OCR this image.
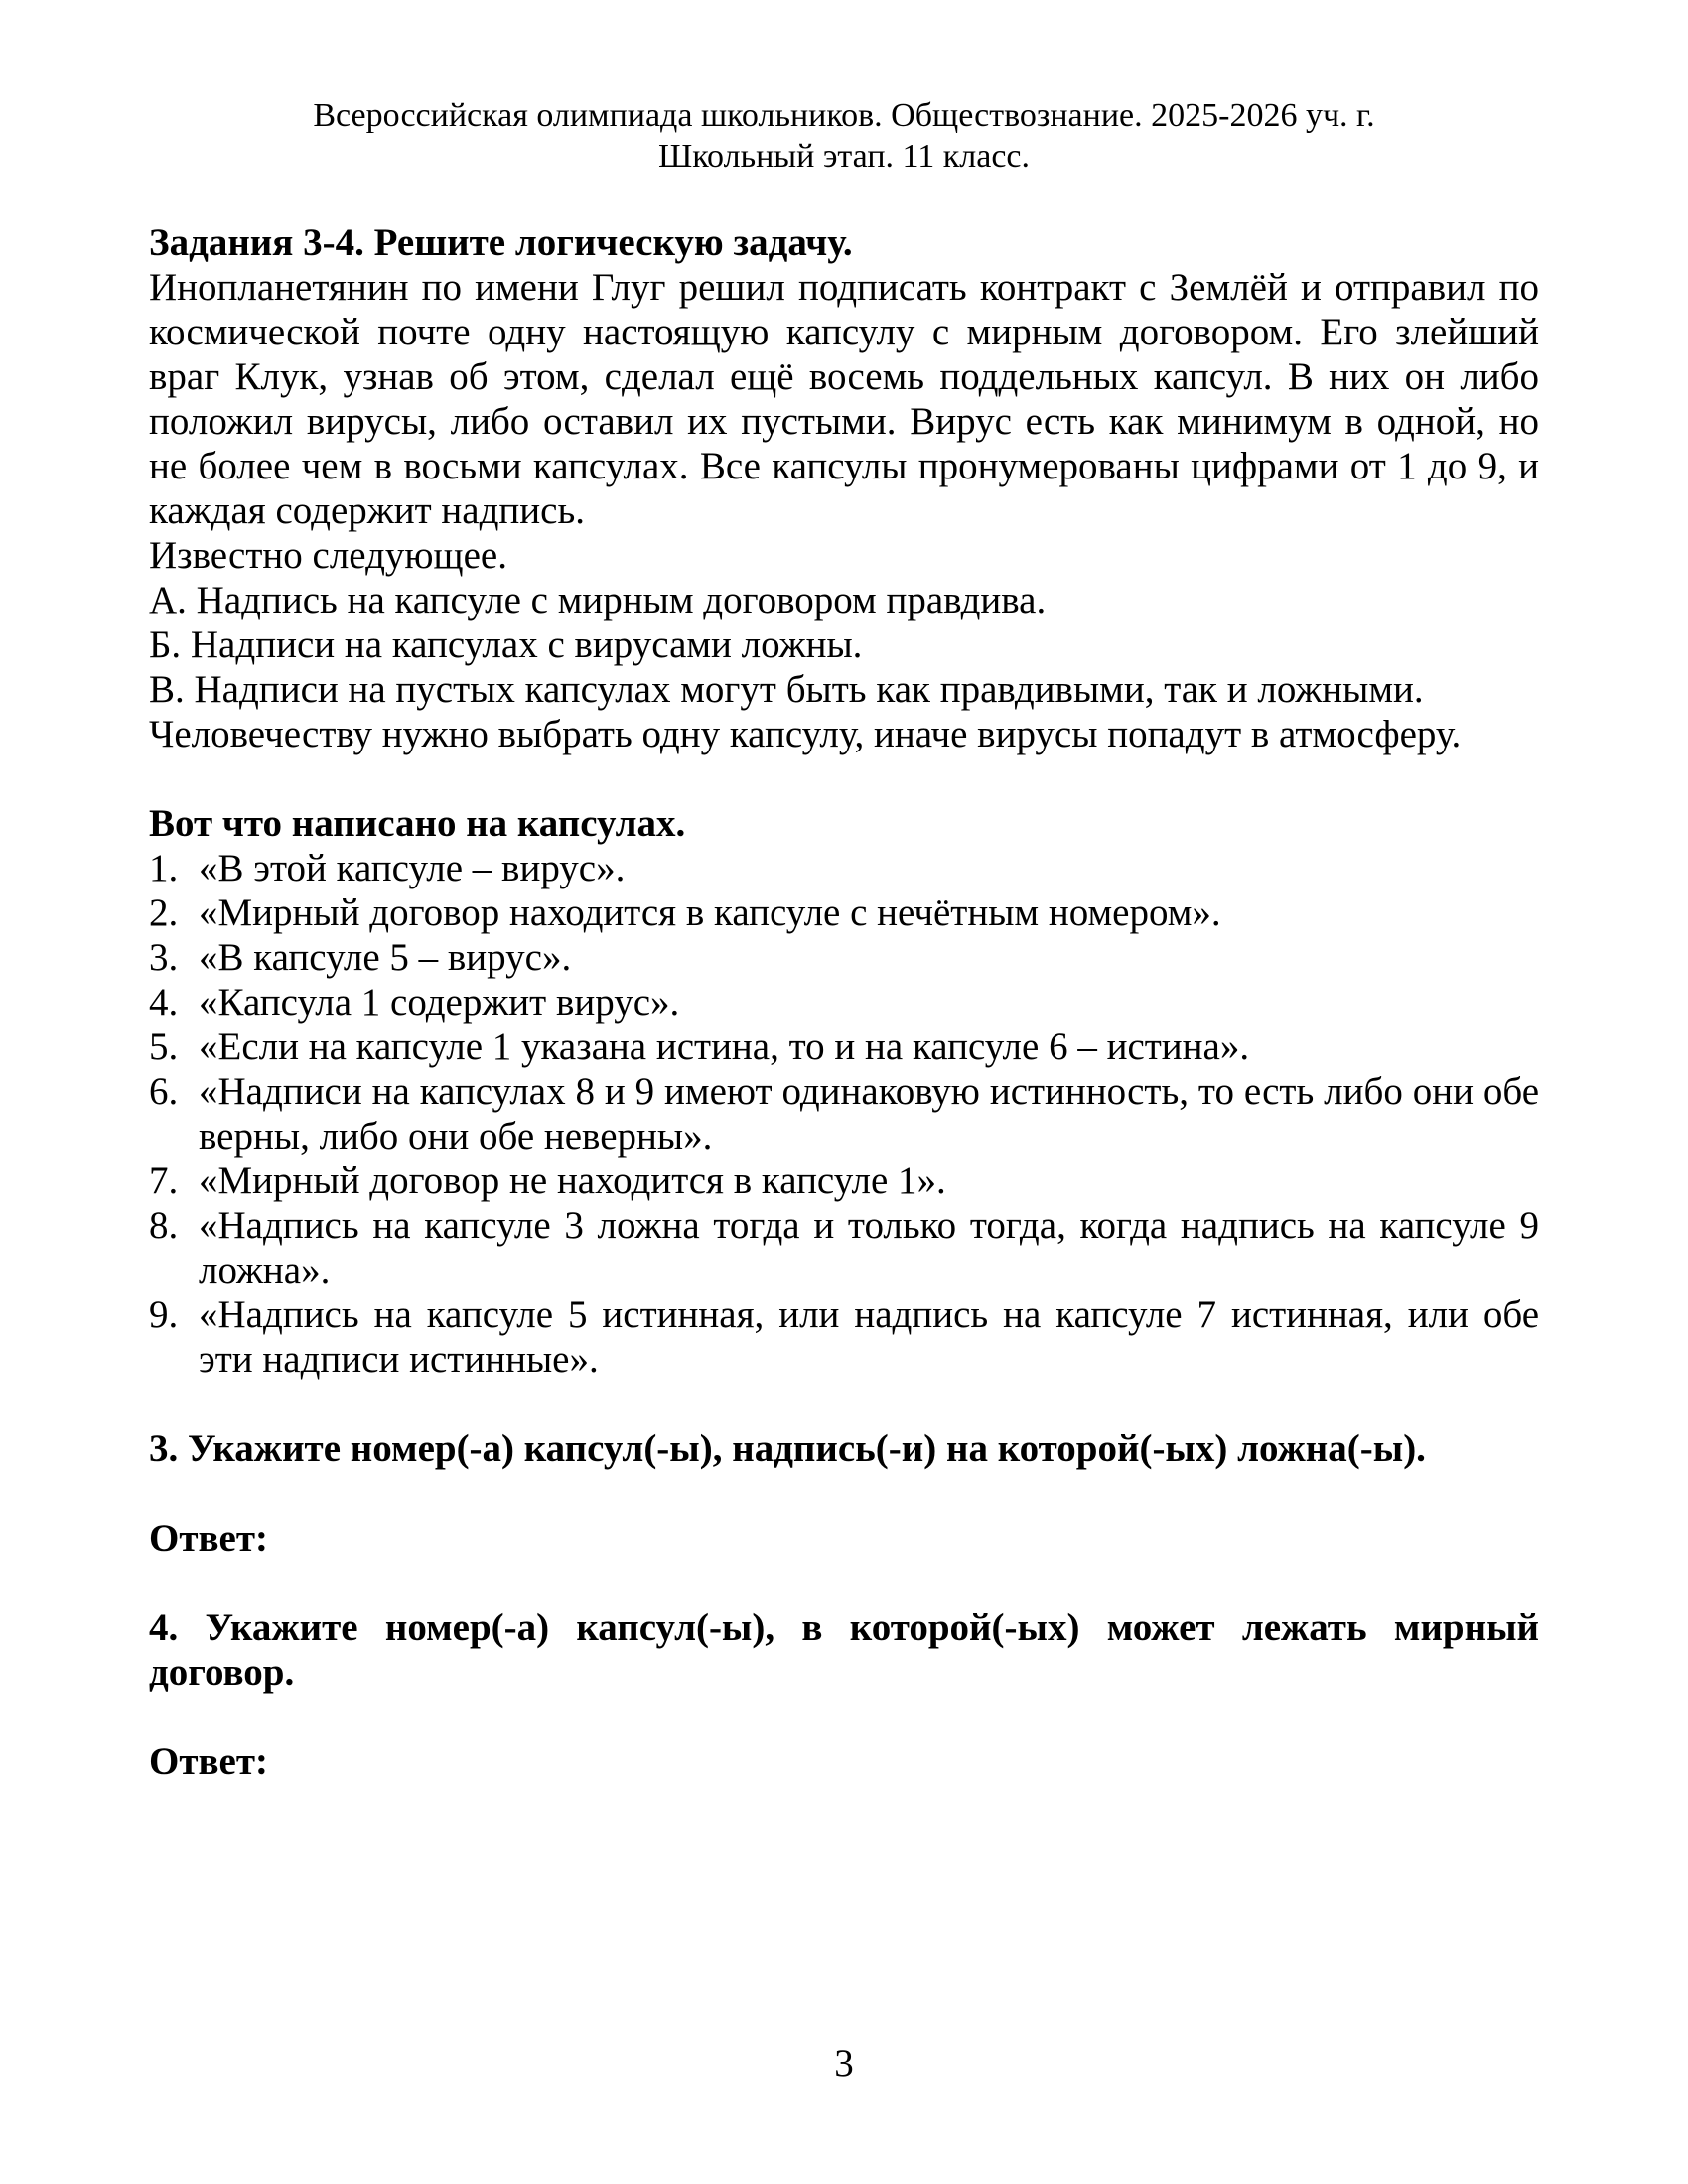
Всероссийская олимпиада школьников. Обществознание. 2025-2026 уч. г.
Школьный этап. 11 класс.
Задания 3-4. Решите логическую задачу.
Инопланетянин по имени Глуг решил подписать контракт с Землёй и отправил по космической почте одну настоящую капсулу с мирным договором. Его злейший враг Клук, узнав об этом, сделал ещё восемь поддельных капсул. В них он либо положил вирусы, либо оставил их пустыми. Вирус есть как минимум в одной, но не более чем в восьми капсулах. Все капсулы пронумерованы цифрами от 1 до 9, и каждая содержит надпись.
Известно следующее.
А. Надпись на капсуле с мирным договором правдива.
Б. Надписи на капсулах с вирусами ложны.
В. Надписи на пустых капсулах могут быть как правдивыми, так и ложными.
Человечеству нужно выбрать одну капсулу, иначе вирусы попадут в атмосферу.
Вот что написано на капсулах.
1. «В этой капсуле – вирус».
2. «Мирный договор находится в капсуле с нечётным номером».
3. «В капсуле 5 – вирус».
4. «Капсула 1 содержит вирус».
5. «Если на капсуле 1 указана истина, то и на капсуле 6 – истина».
6. «Надписи на капсулах 8 и 9 имеют одинаковую истинность, то есть либо они обе верны, либо они обе неверны».
7. «Мирный договор не находится в капсуле 1».
8. «Надпись на капсуле 3 ложна тогда и только тогда, когда надпись на капсуле 9 ложна».
9. «Надпись на капсуле 5 истинная, или надпись на капсуле 7 истинная, или обе эти надписи истинные».
3. Укажите номер(-а) капсул(-ы), надпись(-и) на которой(-ых) ложна(-ы).
Ответ:
4. Укажите номер(-а) капсул(-ы), в которой(-ых) может лежать мирный договор.
Ответ:
3
